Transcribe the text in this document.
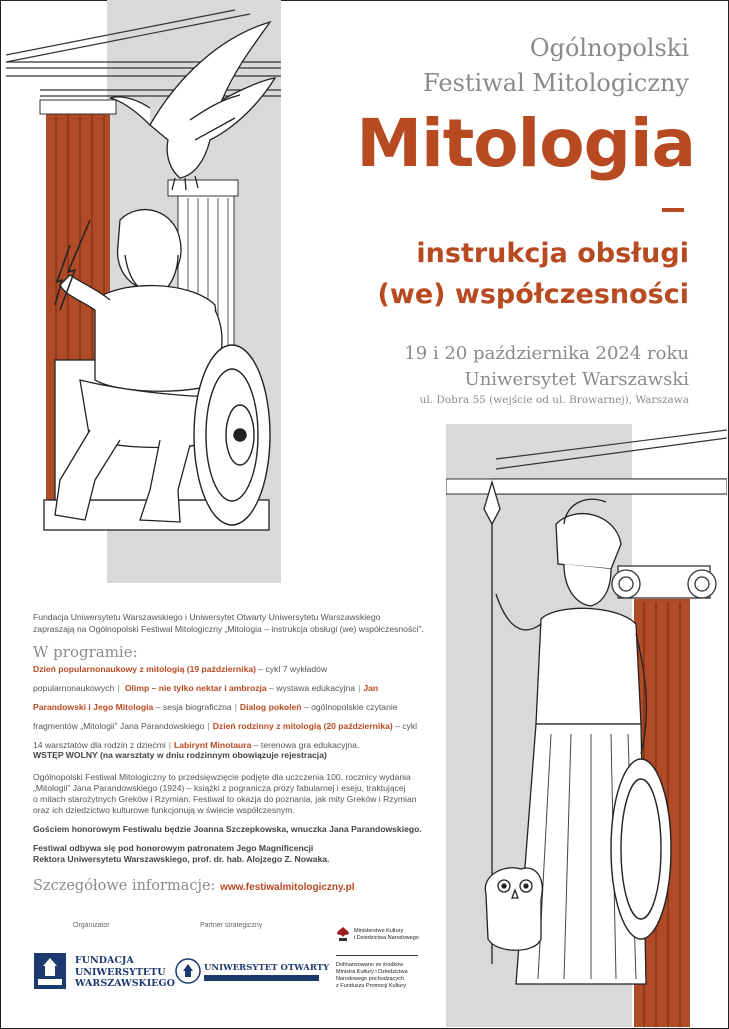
Ogólnopolski
Festiwal Mitologiczny
Mitologia
instrukcja obsługi
(we) współczesności
19 i 20 października 2024 roku
Uniwersytet Warszawski
ul. Dobra 55 (wejście od ul. Browarnej), Warszawa
Fundacja Uniwersytetu Warszawskiego i Uniwersytet Otwarty Uniwersytetu Warszawskiego
zapraszają na Ogólnopolski Festiwal Mitologiczny „Mitologia – instrukcja obsługi (we) współczesności”.
W programie:
Dzień popularnonaukowy z mitologią (19 października) – cykl 7 wykładów popularnonaukowych | Olimp – nie tylko nektar i ambrozja – wystawa edukacyjna | Jan Parandowski i Jego Mitologia – sesja biograficzna | Dialog pokoleń – ogólnopolskie czytanie fragmentów „Mitologii” Jana Parandowskiego | Dzień rodzinny z mitologią (20 października) – cykl 14 warsztatów dla rodzin z dziećmi | Labirynt Minotaura – terenowa gra edukacyjna.
WSTĘP WOLNY (na warsztaty w dniu rodzinnym obowiązuje rejestracja)
Ogólnopolski Festiwal Mitologiczny to przedsięwzięcie podjęte dla uczczenia 100. rocznicy wydania
„Mitologii” Jana Parandowskiego (1924) – książki z pogranicza prozy fabularnej i eseju, traktującej
o mitach starożytnych Greków i Rzymian. Festiwal to okazja do poznania, jak mity Greków i Rzymian
oraz ich dziedzictwo kulturowe funkcjonują w świecie współczesnym.
Gościem honorowym Festiwalu będzie Joanna Szczepkowska, wnuczka Jana Parandowskiego.
Festiwal odbywa się pod honorowym patronatem Jego Magnificencji
Rektora Uniwersytetu Warszawskiego, prof. dr. hab. Alojzego Z. Nowaka.
Szczegółowe informacje: www.festiwalmitologiczny.pl
Organizator	Partner strategiczny
FUNDACJA
UNIWERSYTETU
WARSZAWSKIEGO
UNIWERSYTET OTWARTY
Ministerstwo Kultury
i Dziedzictwa Narodowego
Dofinansowano ze środków
Ministra Kultury i Dziedzictwa
Narodowego pochodzących
z Funduszu Promocji Kultury
